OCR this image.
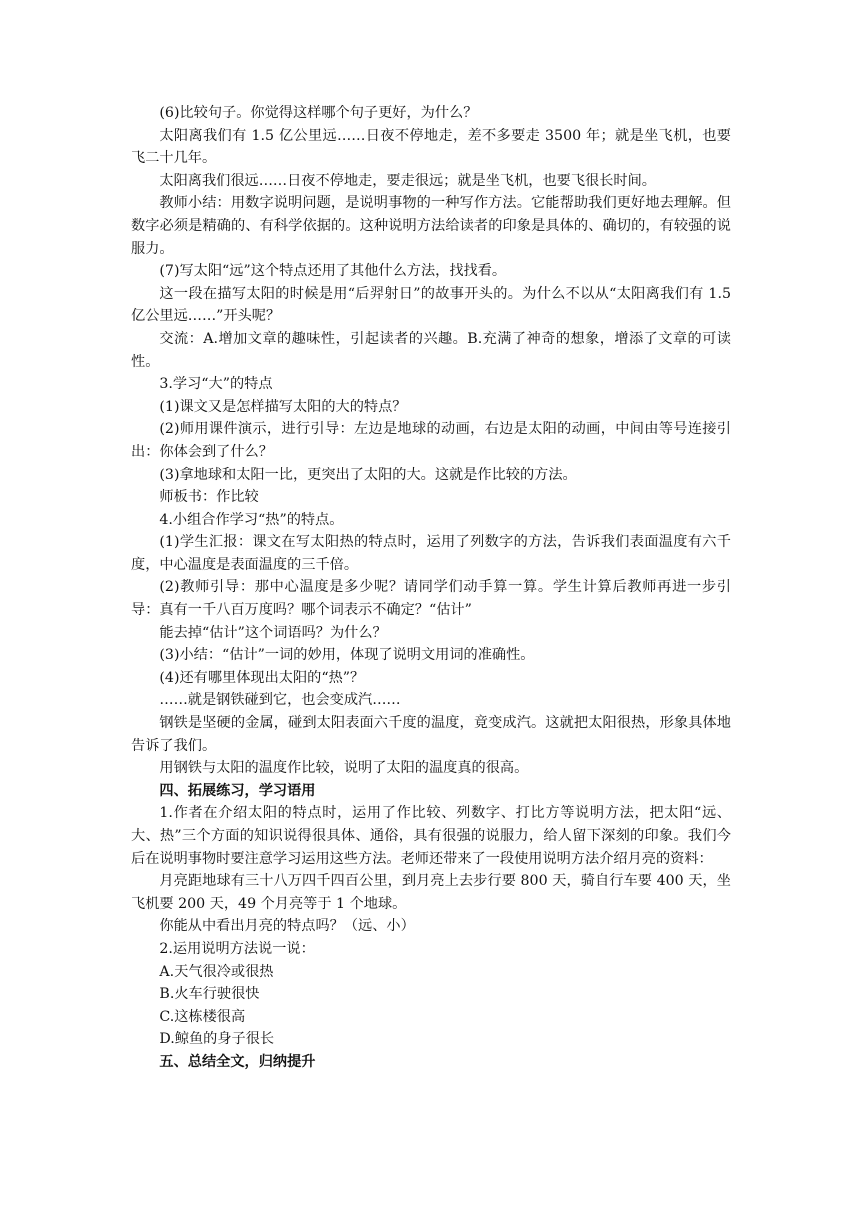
(6)比较句子。你觉得这样哪个句子更好，为什么？

太阳离我们有 1.5 亿公里远……日夜不停地走，差不多要走 3500 年；就是坐飞机，也要飞二十几年。

太阳离我们很远……日夜不停地走，要走很远；就是坐飞机，也要飞很长时间。

教师小结：用数字说明问题，是说明事物的一种写作方法。它能帮助我们更好地去理解。但数字必须是精确的、有科学依据的。这种说明方法给读者的印象是具体的、确切的，有较强的说服力。

(7)写太阳“远”这个特点还用了其他什么方法，找找看。

这一段在描写太阳的时候是用“后羿射日”的故事开头的。为什么不以从“太阳离我们有 1.5 亿公里远……”开头呢？

交流：A.增加文章的趣味性，引起读者的兴趣。B.充满了神奇的想象，增添了文章的可读性。

3.学习“大”的特点

(1)课文又是怎样描写太阳的大的特点？

(2)师用课件演示，进行引导：左边是地球的动画，右边是太阳的动画，中间由等号连接引出：你体会到了什么？

(3)拿地球和太阳一比，更突出了太阳的大。这就是作比较的方法。

师板书：作比较

4.小组合作学习“热”的特点。

(1)学生汇报：课文在写太阳热的特点时，运用了列数字的方法，告诉我们表面温度有六千度，中心温度是表面温度的三千倍。

(2)教师引导：那中心温度是多少呢？请同学们动手算一算。学生计算后教师再进一步引导：真有一千八百万度吗？哪个词表示不确定？“估计”

能去掉“估计”这个词语吗？为什么？

(3)小结：“估计”一词的妙用，体现了说明文用词的准确性。

(4)还有哪里体现出太阳的“热”？

……就是钢铁碰到它，也会变成汽……

钢铁是坚硬的金属，碰到太阳表面六千度的温度，竟变成汽。这就把太阳很热，形象具体地告诉了我们。

用钢铁与太阳的温度作比较，说明了太阳的温度真的很高。

四、拓展练习，学习语用

1.作者在介绍太阳的特点时，运用了作比较、列数字、打比方等说明方法，把太阳“远、大、热”三个方面的知识说得很具体、通俗，具有很强的说服力，给人留下深刻的印象。我们今后在说明事物时要注意学习运用这些方法。老师还带来了一段使用说明方法介绍月亮的资料：

月亮距地球有三十八万四千四百公里，到月亮上去步行要 800 天，骑自行车要 400 天，坐飞机要 200 天，49 个月亮等于 1 个地球。

你能从中看出月亮的特点吗？（远、小）

2.运用说明方法说一说：

A.天气很冷或很热

B.火车行驶很快

C.这栋楼很高

D.鲸鱼的身子很长

五、总结全文，归纳提升
